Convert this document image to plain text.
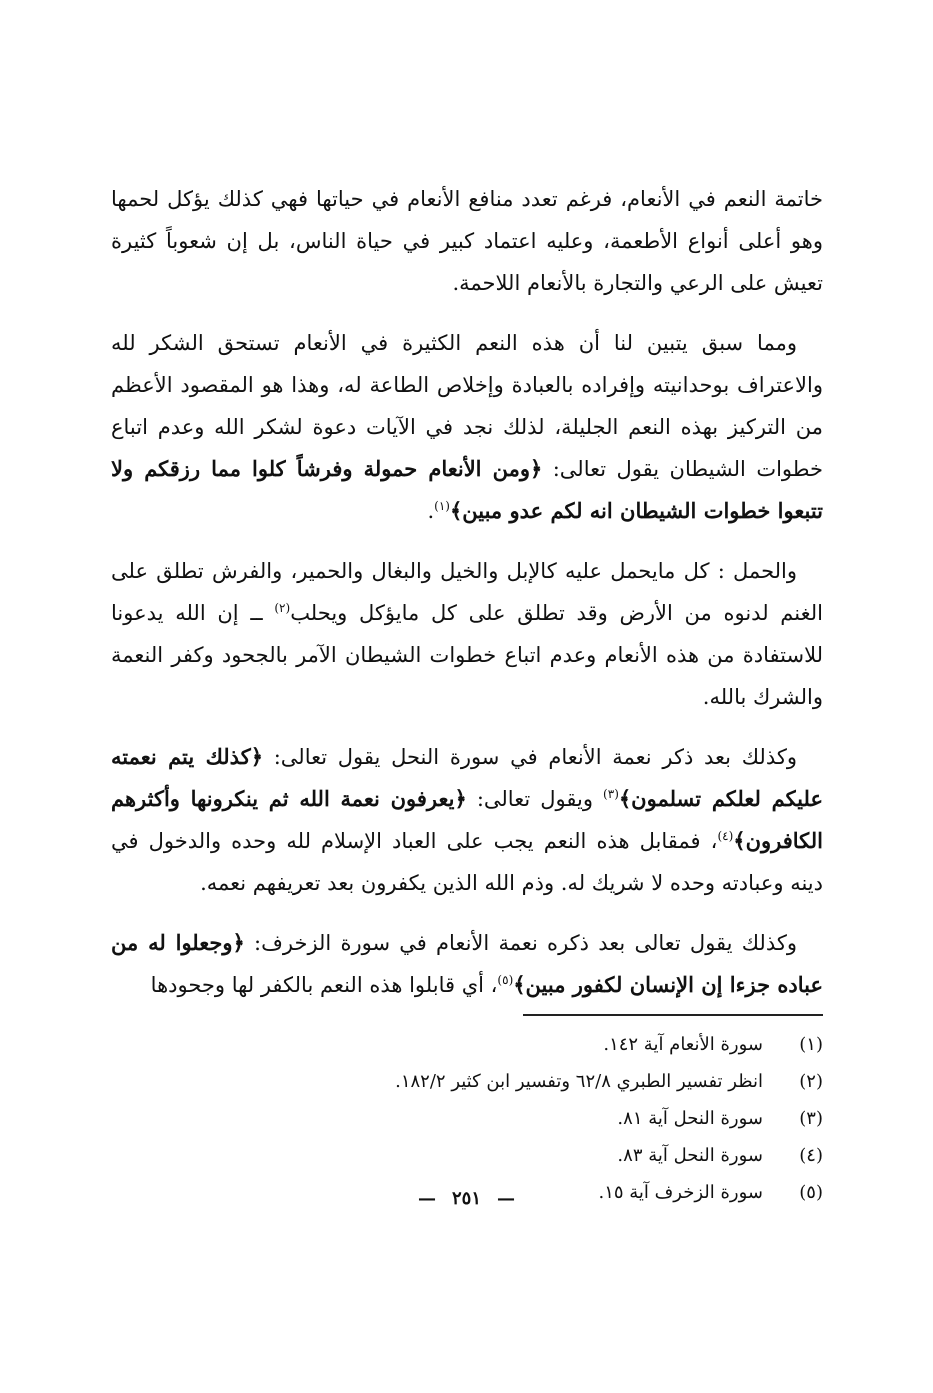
خاتمة النعم في الأنعام، فرغم تعدد منافع الأنعام في حياتها فهي كذلك يؤكل لحمها وهو أعلى أنواع الأطعمة، وعليه اعتماد كبير في حياة الناس، بل إن شعوباً كثيرة تعيش على الرعي والتجارة بالأنعام اللاحمة.

ومما سبق يتبين لنا أن هذه النعم الكثيرة في الأنعام تستحق الشكر لله والاعتراف بوحدانيته وإفراده بالعبادة وإخلاص الطاعة له، وهذا هو المقصود الأعظم من التركيز بهذه النعم الجليلة، لذلك نجد في الآيات دعوة لشكر الله وعدم اتباع خطوات الشيطان يقول تعالى: ﴿ومن الأنعام حمولة وفرشاً كلوا مما رزقكم ولا تتبعوا خطوات الشيطان انه لكم عدو مبين﴾$^{(١)}$.

والحمل : كل مايحمل عليه كالإبل والخيل والبغال والحمير، والفرش تطلق على الغنم لدنوه من الأرض وقد تطلق على كل مايؤكل ويحلب$^{(٢)}$ ــ إن الله يدعونا للاستفادة من هذه الأنعام وعدم اتباع خطوات الشيطان الآمر بالجحود وكفر النعمة والشرك بالله.

وكذلك بعد ذكر نعمة الأنعام في سورة النحل يقول تعالى: ﴿كذلك يتم نعمته عليكم لعلكم تسلمون﴾$^{(٣)}$ ويقول تعالى: ﴿يعرفون نعمة الله ثم ينكرونها وأكثرهم الكافرون﴾$^{(٤)}$، فمقابل هذه النعم يجب على العباد الإسلام لله وحده والدخول في دينه وعبادته وحده لا شريك له. وذم الله الذين يكفرون بعد تعريفهم نعمه.

وكذلك يقول تعالى بعد ذكره نعمة الأنعام في سورة الزخرف: ﴿وجعلوا له من عباده جزءا إن الإنسان لكفور مبين﴾$^{(٥)}$، أي قابلوا هذه النعم بالكفر لها وجحودها

(١)
سورة الأنعام آية ١٤٢.
(٢)
انظر تفسير الطبري ٦٢/٨ وتفسير ابن كثير ١٨٢/٢.
(٣)
سورة النحل آية ٨١.
(٤)
سورة النحل آية ٨٣.
(٥)
سورة الزخرف آية ١٥.
—٢٥١—
